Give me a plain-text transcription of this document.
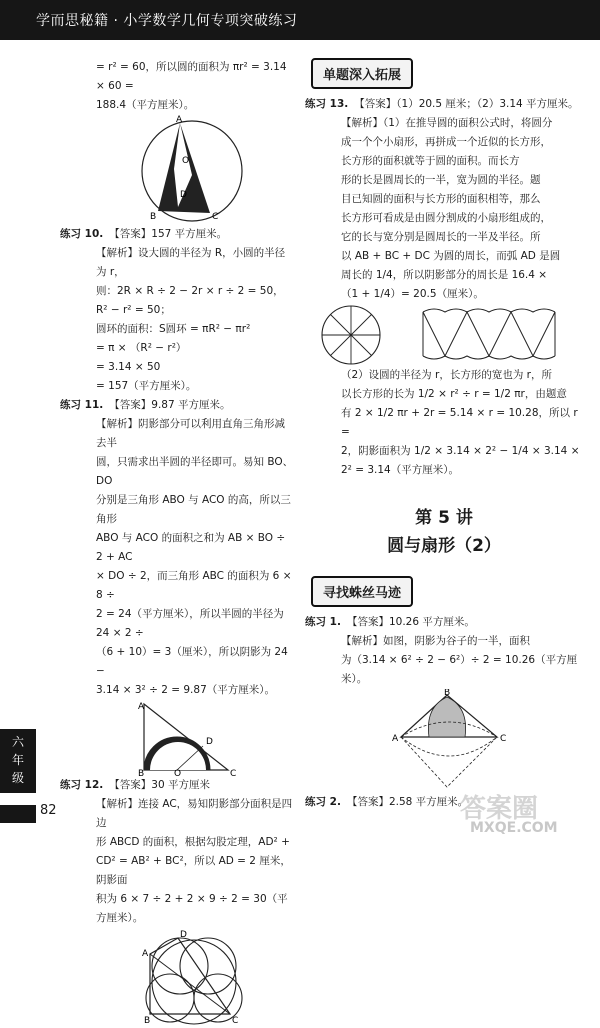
学而思秘籍 · 小学数学几何专项突破练习

= r² = 60，所以圆的面积为 πr² = 3.14 × 60 =

188.4（平方厘米）。

A
O
D
B	C

练习 10. 【答案】157 平方厘米。

【解析】设大圆的半径为 R，小圆的半径为 r，

则：2R × R ÷ 2 − 2r × r ÷ 2 = 50，

R² − r² = 50；

圆环的面积：S圆环 = πR² − πr²

= π × （R² − r²）

= 3.14 × 50

= 157（平方厘米）。

练习 11. 【答案】9.87 平方厘米。

【解析】阴影部分可以利用直角三角形减去半

圆，只需求出半圆的半径即可。易知 BO、DO

分别是三角形 ABO 与 ACO 的高，所以三角形

ABO 与 ACO 的面积之和为 AB × BO ÷ 2 + AC

× DO ÷ 2，而三角形 ABC 的面积为 6 × 8 ÷

2 = 24（平方厘米），所以半圆的半径为 24 × 2 ÷

（6 + 10）= 3（厘米），所以阴影为 24 −

3.14 × 3² ÷ 2 = 9.87（平方厘米）。

A
D
B	O	C

练习 12. 【答案】30 平方厘米

【解析】连接 AC，易知阴影部分面积是四边

形 ABCD 的面积，根据勾股定理，AD² +

CD² = AB² + BC²，所以 AD = 2 厘米，阴影面

积为 6 × 7 ÷ 2 + 2 × 9 ÷ 2 = 30（平方厘米）。

D
A
B	C
单题深入拓展

练习 13. 【答案】（1）20.5 厘米；（2）3.14 平方厘米。

【解析】（1）在推导圆的面积公式时，将圆分

成一个个小扇形，再拼成一个近似的长方形，

长方形的面积就等于圆的面积。而长方

形的长是圆周长的一半，宽为圆的半径。题

目已知圆的面积与长方形的面积相等，那么

长方形可看成是由圆分割成的小扇形组成的，

它的长与宽分别是圆周长的一半及半径。所

以 AB + BC + DC 为圆的周长，而弧 AD 是圆

周长的 1/4，所以阴影部分的周长是 16.4 ×

（1 + 1/4）= 20.5（厘米）。

（2）设圆的半径为 r，长方形的宽也为 r，所

以长方形的长为 1/2 × r² ÷ r = 1/2 πr，由题意

有 2 × 1/2 πr + 2r = 5.14 × r = 10.28，所以 r =

2，阴影面积为 1/2 × 3.14 × 2² − 1/4 × 3.14 ×

2² = 3.14（平方厘米）。

第 5 讲

圆与扇形（2）

寻找蛛丝马迹

练习 1. 【答案】10.26 平方厘米。

【解析】如图，阴影为谷子的一半，面积

为（3.14 × 6² ÷ 2 − 6²）÷ 2 = 10.26（平方厘

米）。

B
A	C

练习 2. 【答案】2.58 平方厘米。

六
年
级
82	答案圈
MXQE.COM
